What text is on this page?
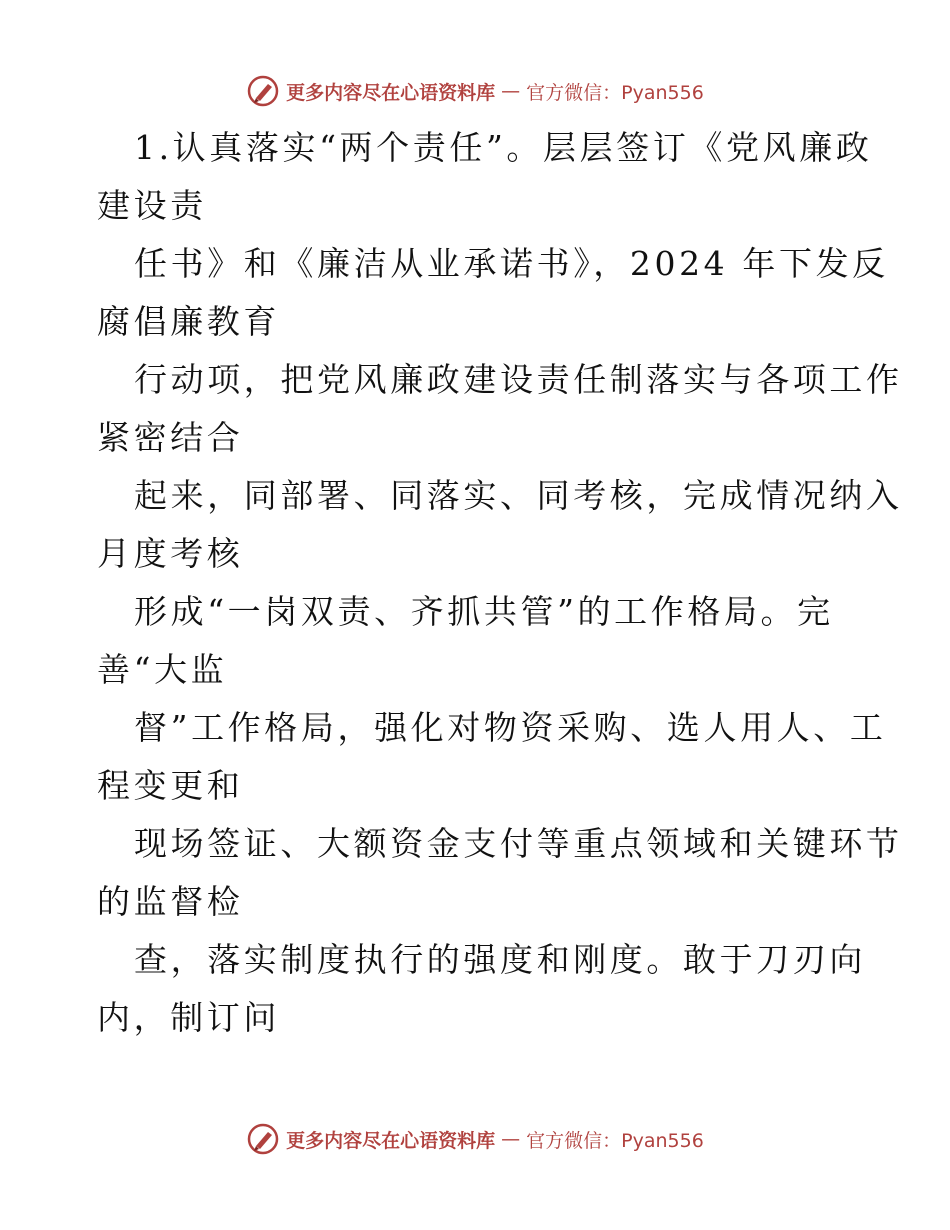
更多内容尽在心语资料库 — 官方微信：Pyan556
1.认真落实“两个责任”。层层签订《党风廉政
建设责
任书》和《廉洁从业承诺书》，2024 年下发反
腐倡廉教育
行动项，把党风廉政建设责任制落实与各项工作
紧密结合
起来，同部署、同落实、同考核，完成情况纳入
月度考核
形成“一岗双责、齐抓共管”的工作格局。完
善“大监
督”工作格局，强化对物资采购、选人用人、工
程变更和
现场签证、大额资金支付等重点领域和关键环节
的监督检
查，落实制度执行的强度和刚度。敢于刀刃向
内，制订问
更多内容尽在心语资料库 — 官方微信：Pyan556
